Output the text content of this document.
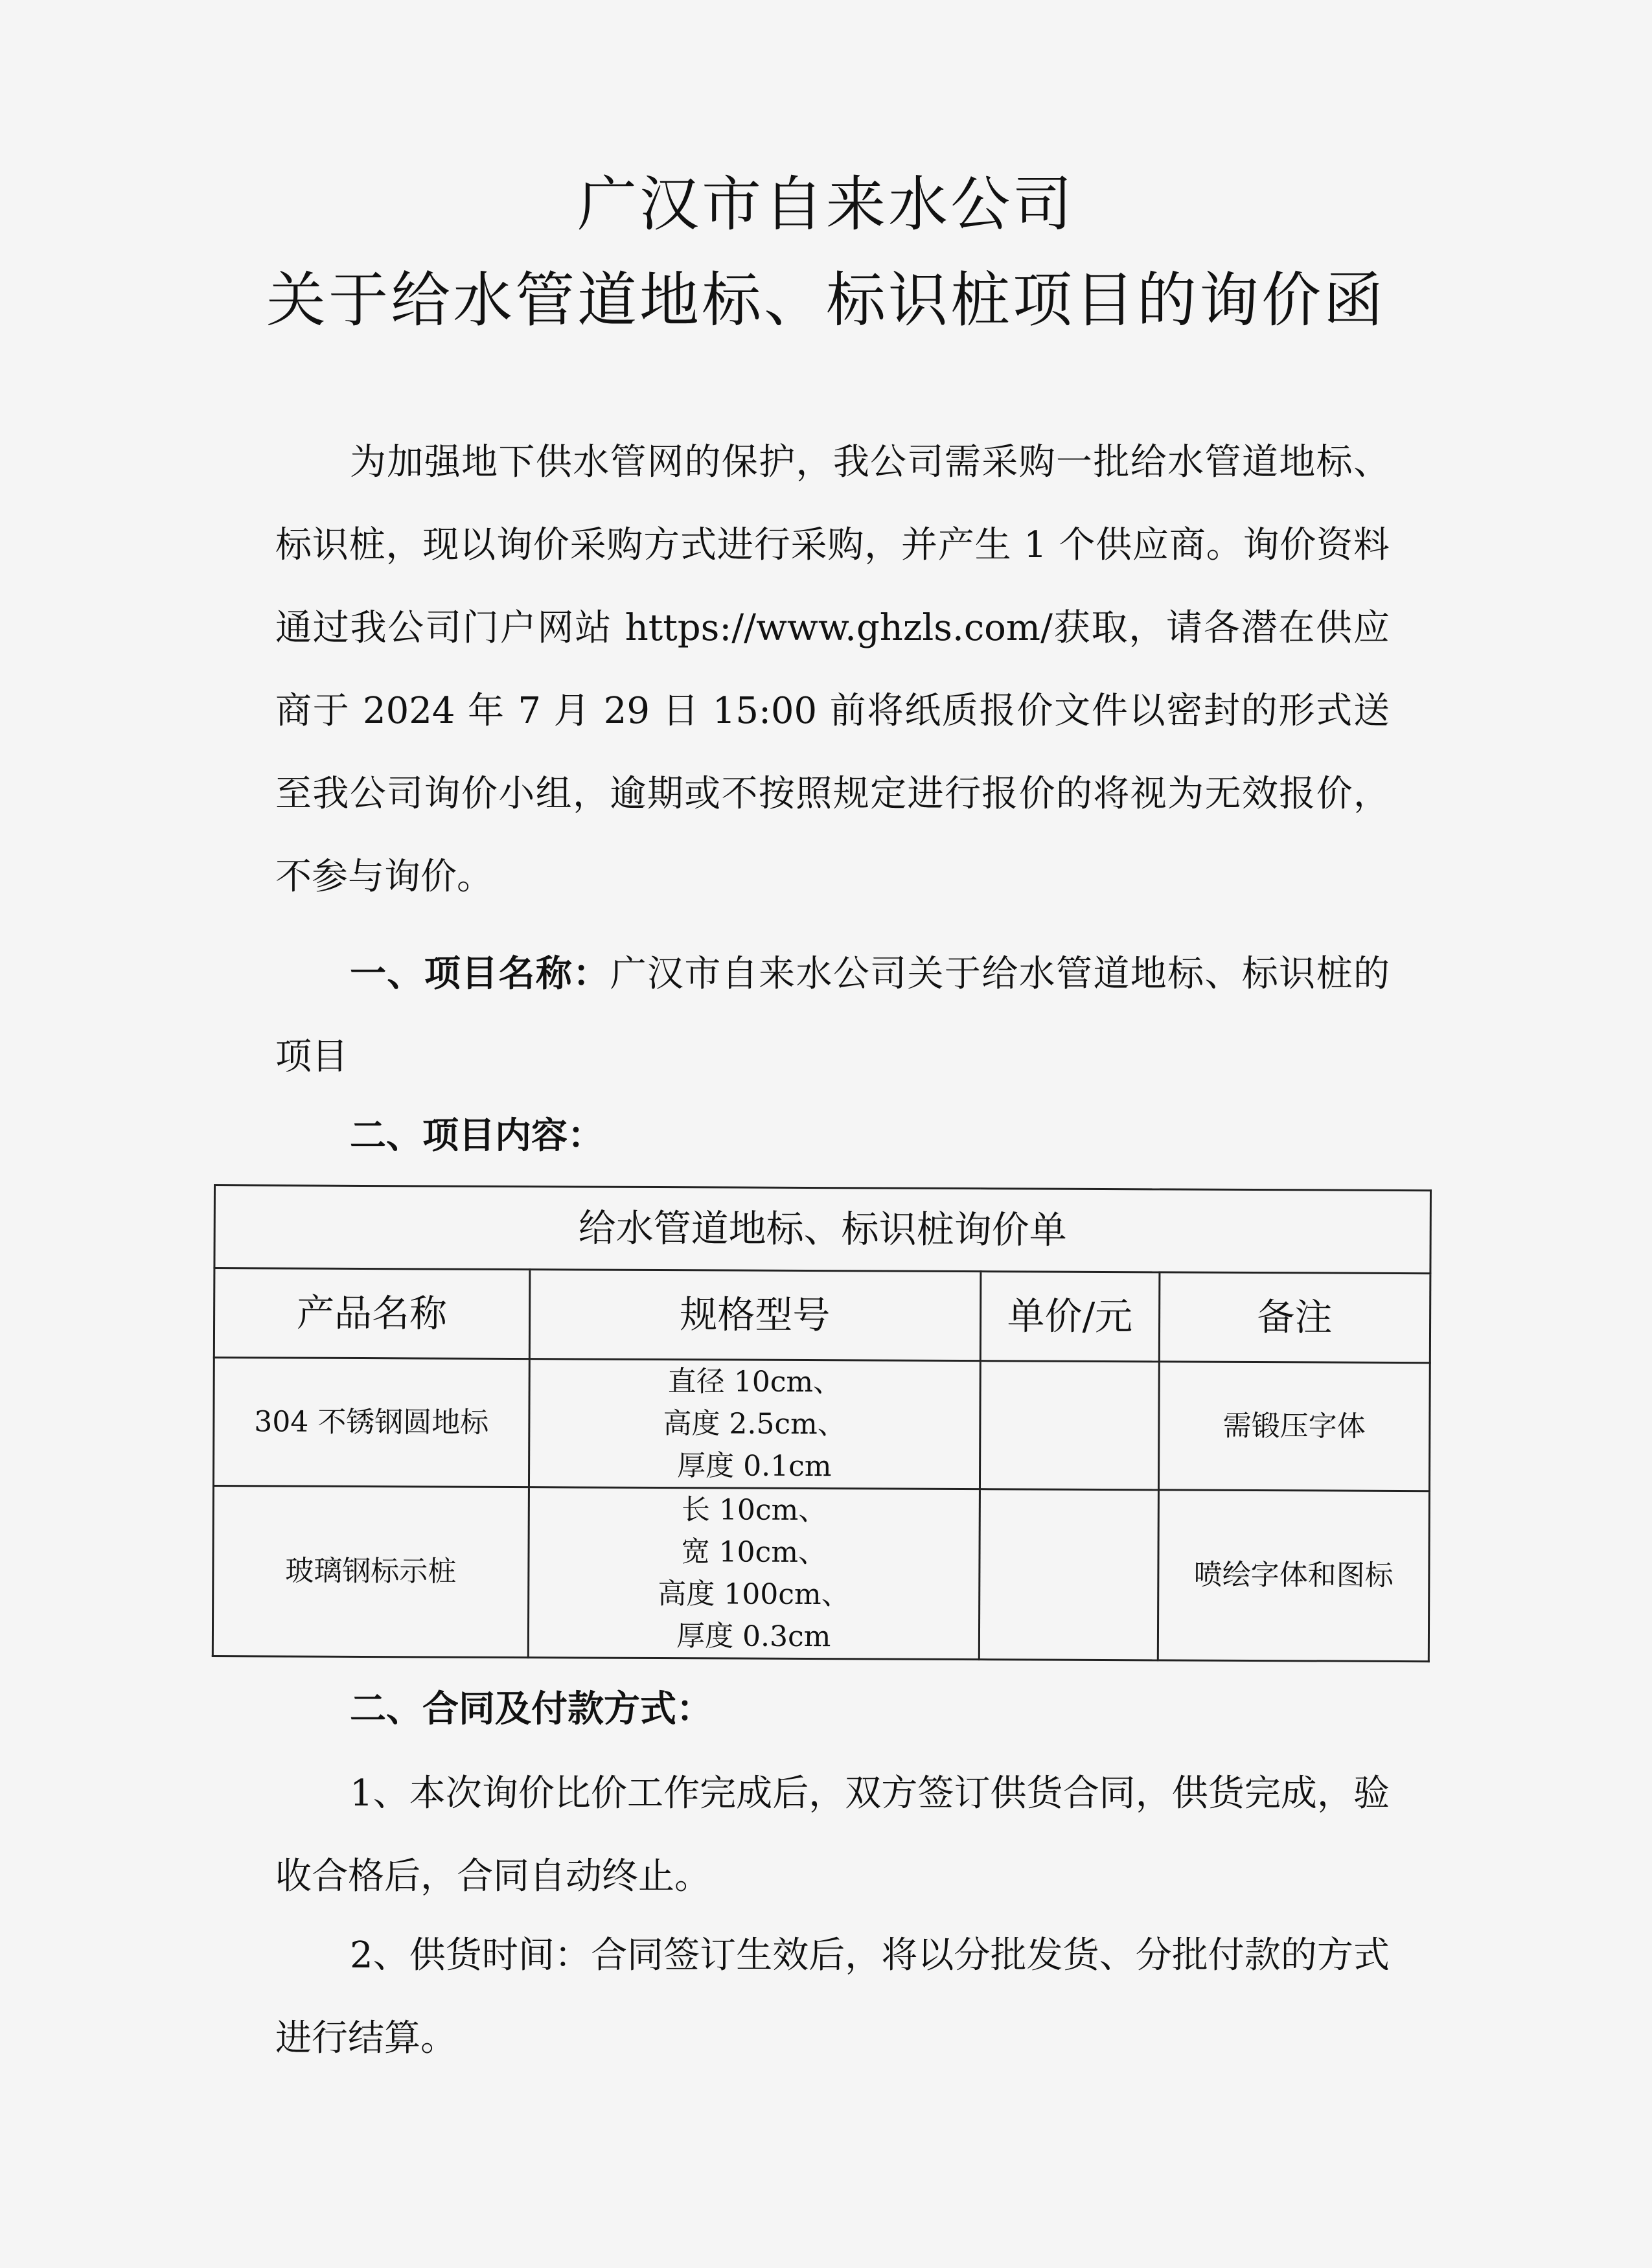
广汉市自来水公司
关于给水管道地标、标识桩项目的询价函

为加强地下供水管网的保护，我公司需采购一批给水管道地标、标识桩，现以询价采购方式进行采购，并产生 1 个供应商。询价资料通过我公司门户网站 https://www.ghzls.com/获取，请各潜在供应商于 2024 年 7 月 29 日 15:00 前将纸质报价文件以密封的形式送至我公司询价小组，逾期或不按照规定进行报价的将视为无效报价，不参与询价。

一、项目名称：广汉市自来水公司关于给水管道地标、标识桩的项目

二、项目内容：

给水管道地标、标识桩询价单			
产品名称	规格型号	单价/元	备注
304 不锈钢圆地标	直径 10cm、
高度 2.5cm、
厚度 0.1cm		需锻压字体
玻璃钢标示桩	长 10cm、
宽 10cm、
高度 100cm、
厚度 0.3cm		喷绘字体和图标

二、合同及付款方式：

1、本次询价比价工作完成后，双方签订供货合同，供货完成，验收合格后，合同自动终止。

2、供货时间：合同签订生效后，将以分批发货、分批付款的方式进行结算。
